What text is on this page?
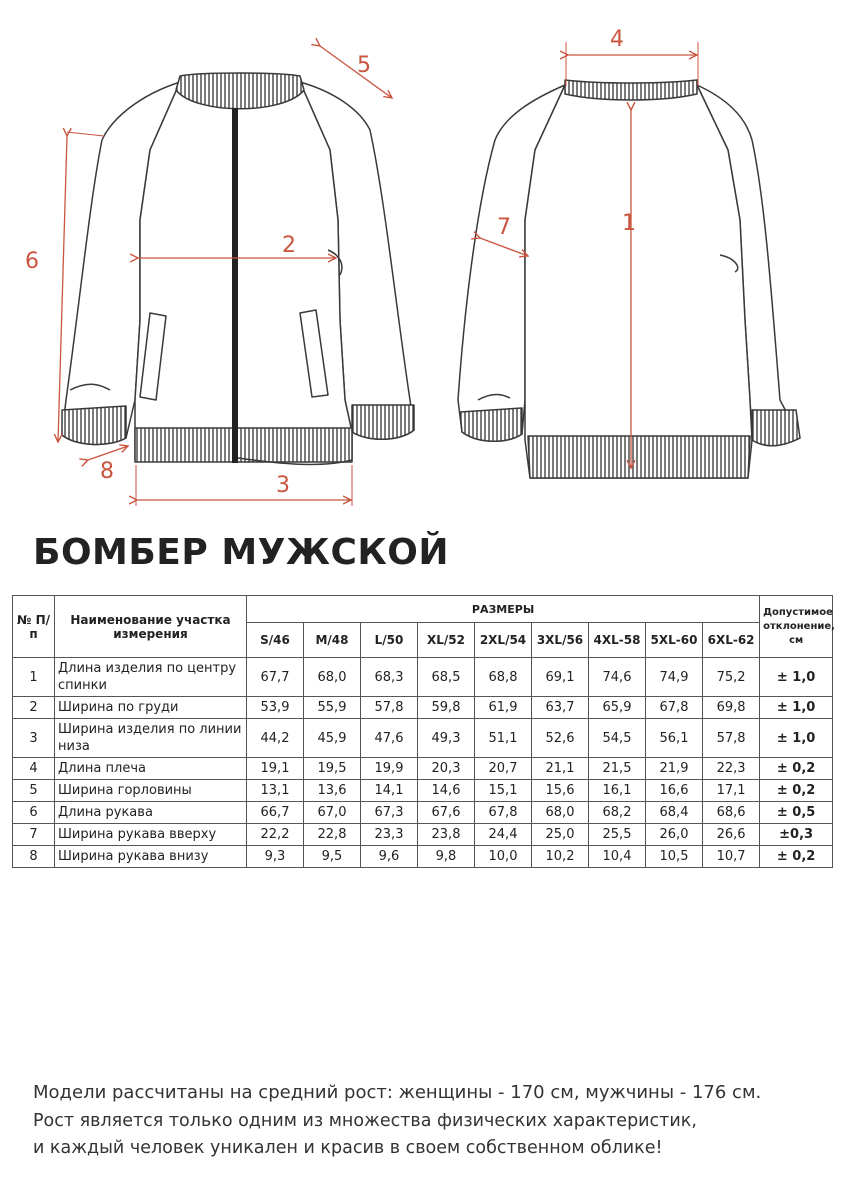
1
2
3
4
5
6
7
8
БОМБЕР МУЖСКОЙ
№ П/п	Наименование участка измерения	РАЗМЕРЫ									Допустимое отклонение, см
		S/46	M/48	L/50	XL/52	2XL/54	3XL/56	4XL-58	5XL-60	6XL-62	
1	Длина изделия по центру спинки	67,7	68,0	68,3	68,5	68,8	69,1	74,6	74,9	75,2	± 1,0
2	Ширина по груди	53,9	55,9	57,8	59,8	61,9	63,7	65,9	67,8	69,8	± 1,0
3	Ширина изделия по линии низа	44,2	45,9	47,6	49,3	51,1	52,6	54,5	56,1	57,8	± 1,0
4	Длина плеча	19,1	19,5	19,9	20,3	20,7	21,1	21,5	21,9	22,3	± 0,2
5	Ширина горловины	13,1	13,6	14,1	14,6	15,1	15,6	16,1	16,6	17,1	± 0,2
6	Длина рукава	66,7	67,0	67,3	67,6	67,8	68,0	68,2	68,4	68,6	± 0,5
7	Ширина рукава вверху	22,2	22,8	23,3	23,8	24,4	25,0	25,5	26,0	26,6	±0,3
8	Ширина рукава внизу	9,3	9,5	9,6	9,8	10,0	10,2	10,4	10,5	10,7	± 0,2

Модели рассчитаны на средний рост: женщины - 170 см, мужчины - 176 см.

Рост является только одним из множества физических характеристик,

и каждый человек уникален и красив в своем собственном облике!
